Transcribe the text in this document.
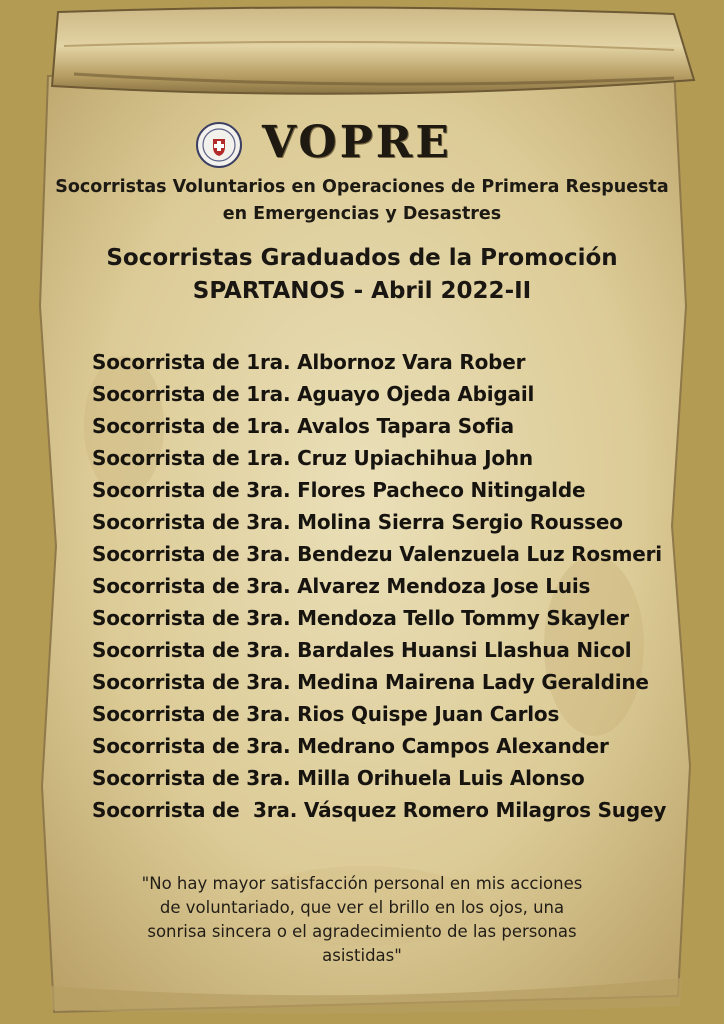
VOPRE
Socorristas Voluntarios en Operaciones de Primera Respuesta
en Emergencias y Desastres
Socorristas Graduados de la Promoción
SPARTANOS - Abril 2022-II
Socorrista de 1ra. Albornoz Vara Rober
Socorrista de 1ra. Aguayo Ojeda Abigail
Socorrista de 1ra. Avalos Tapara Sofia
Socorrista de 1ra. Cruz Upiachihua John
Socorrista de 3ra. Flores Pacheco Nitingalde
Socorrista de 3ra. Molina Sierra Sergio Rousseo
Socorrista de 3ra. Bendezu Valenzuela Luz Rosmeri
Socorrista de 3ra. Alvarez Mendoza Jose Luis
Socorrista de 3ra. Mendoza Tello Tommy Skayler
Socorrista de 3ra. Bardales Huansi Llashua Nicol
Socorrista de 3ra. Medina Mairena Lady Geraldine
Socorrista de 3ra. Rios Quispe Juan Carlos
Socorrista de 3ra. Medrano Campos Alexander
Socorrista de 3ra. Milla Orihuela Luis Alonso
Socorrista de  3ra. Vásquez Romero Milagros Sugey
"No hay mayor satisfacción personal en mis acciones
de voluntariado, que ver el brillo en los ojos, una
sonrisa sincera o el agradecimiento de las personas
asistidas"
